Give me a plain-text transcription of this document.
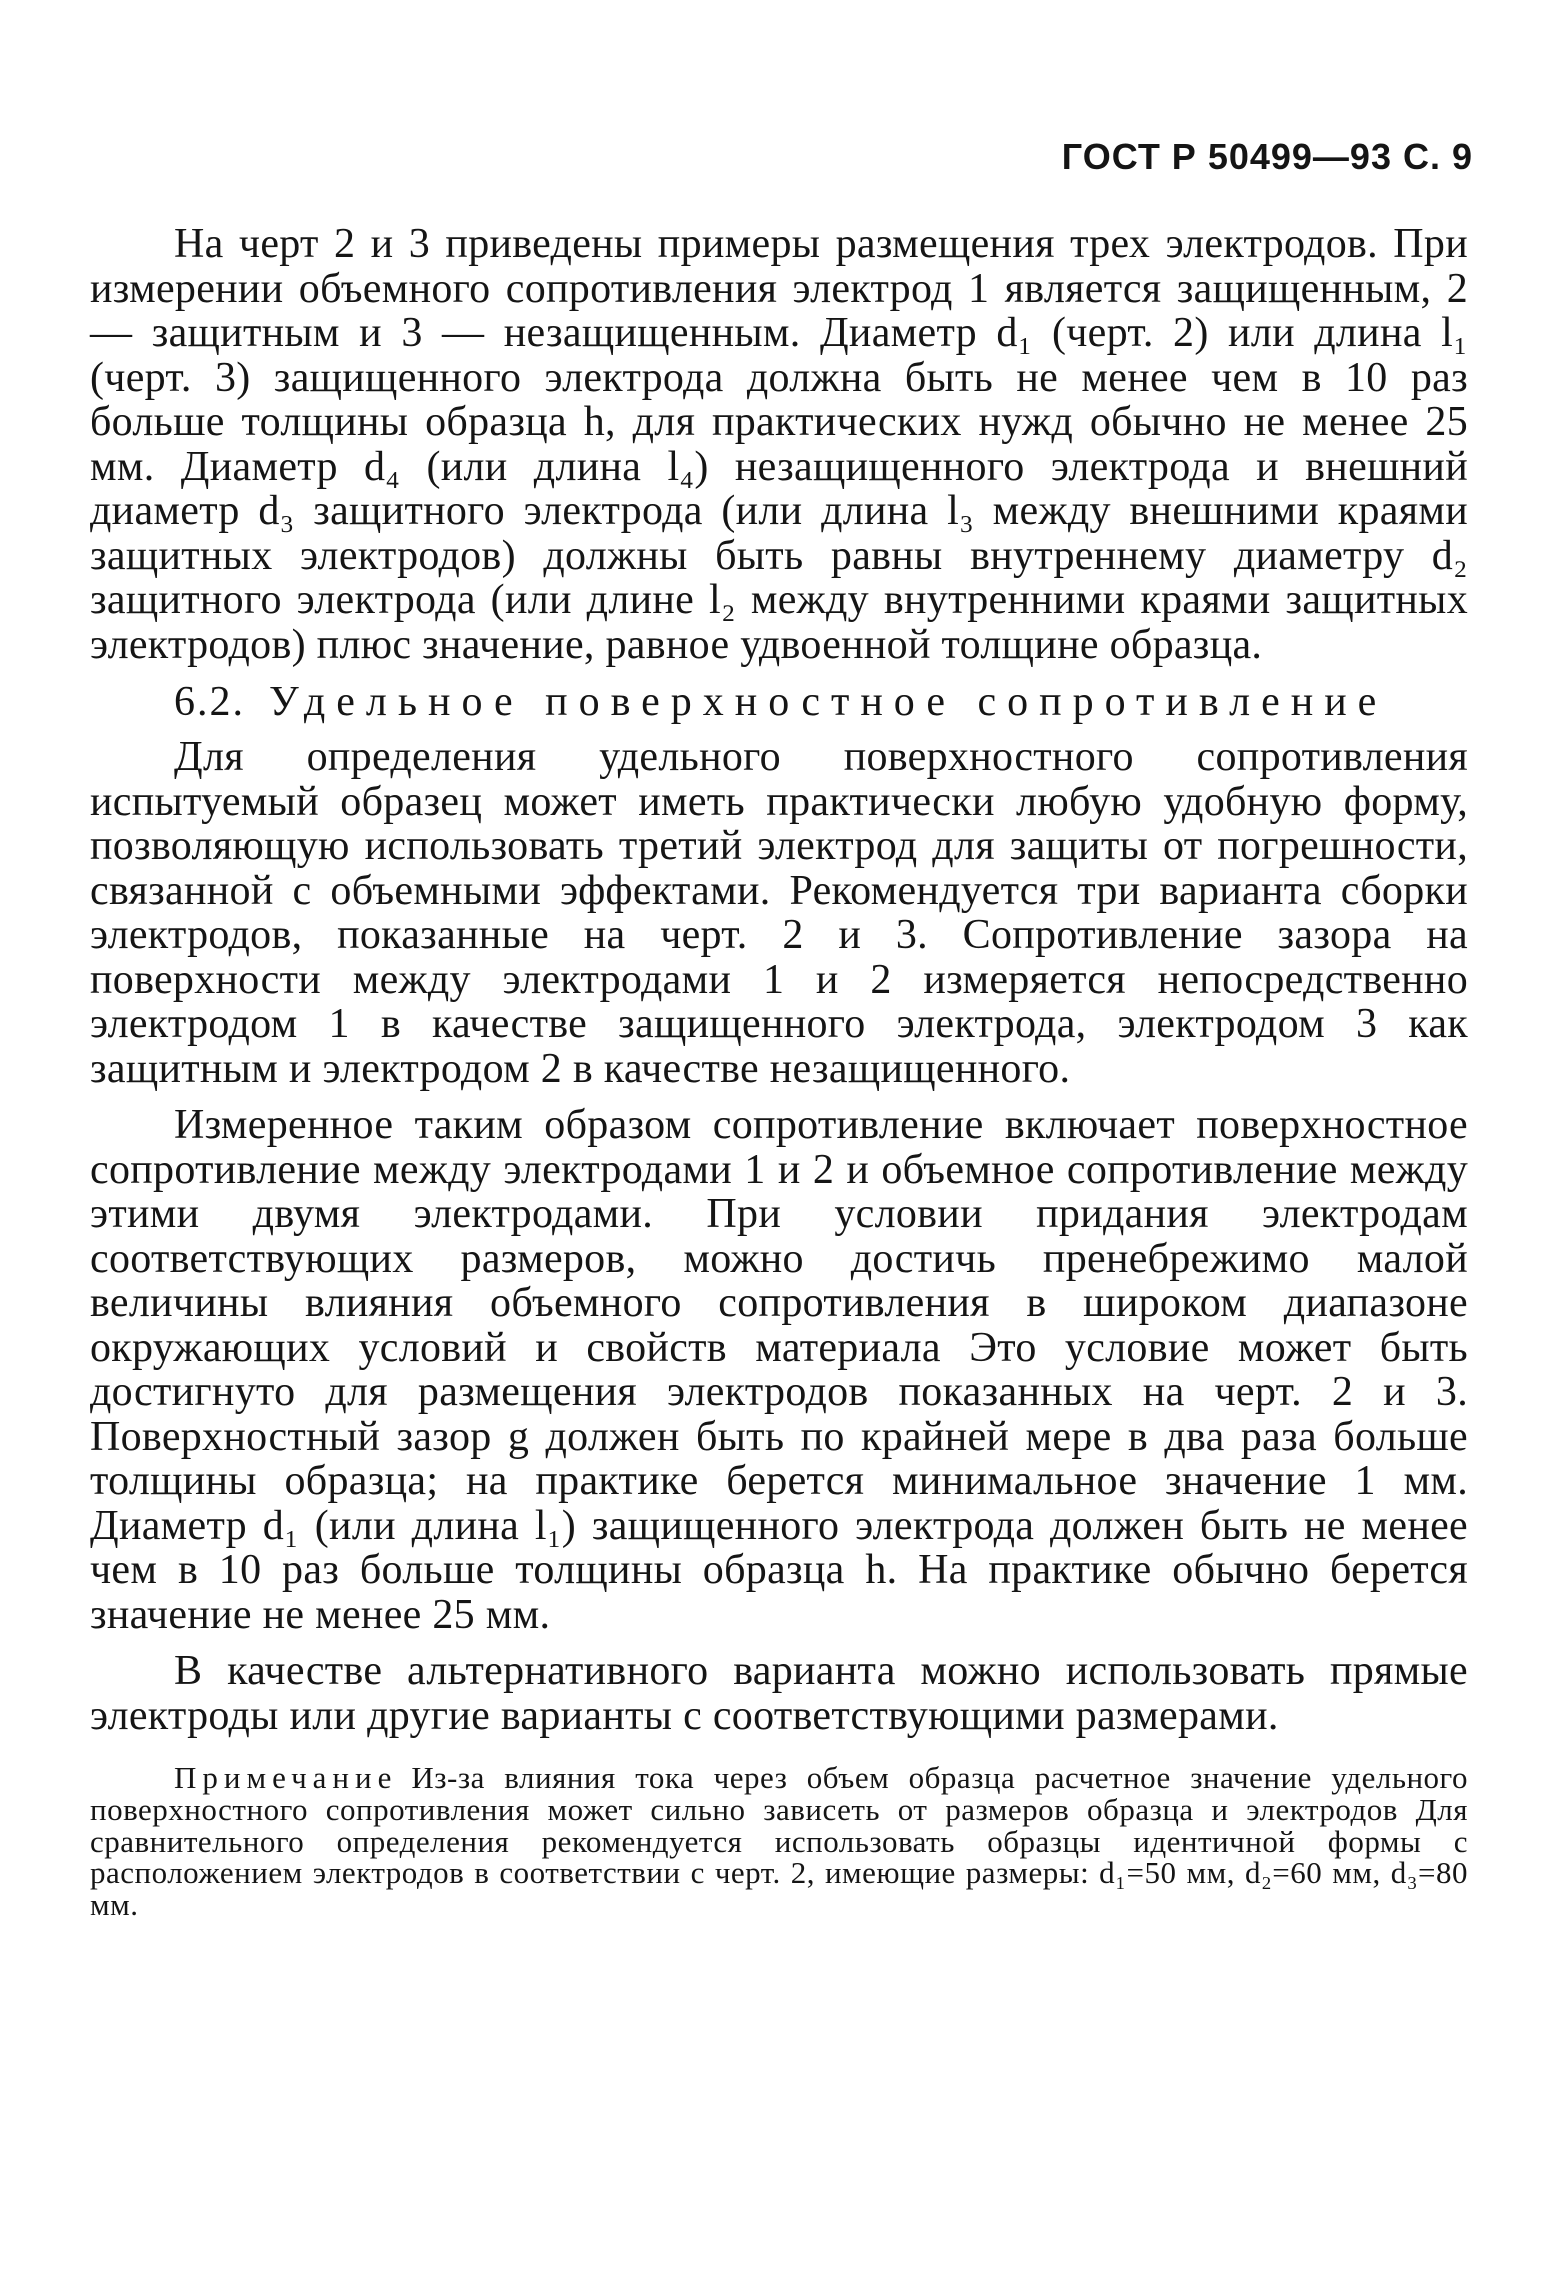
ГОСТ Р 50499—93 С. 9

На черт 2 и 3 приведены примеры размещения трех электродов. При измерении объемного сопротивления электрод 1 является защищенным, 2 — защитным и 3 — незащищенным. Диаметр d₁ (черт. 2) или длина l₁ (черт. 3) защищенного электрода должна быть не менее чем в 10 раз больше толщины образца h, для практических нужд обычно не менее 25 мм. Диаметр d₄ (или длина l₄) незащищенного электрода и внешний диаметр d₃ защитного электрода (или длина l₃ между внешними краями защитных электродов) должны быть равны внутреннему диаметру d₂ защитного электрода (или длине l₂ между внутренними краями защитных электродов) плюс значение, равное удвоенной толщине образца.

6.2. Удельное поверхностное сопротивление

Для определения удельного поверхностного сопротивления испытуемый образец может иметь практически любую удобную форму, позволяющую использовать третий электрод для защиты от погрешности, связанной с объемными эффектами. Рекомендуется три варианта сборки электродов, показанные на черт. 2 и 3. Сопротивление зазора на поверхности между электродами 1 и 2 измеряется непосредственно электродом 1 в качестве защищенного электрода, электродом 3 как защитным и электродом 2 в качестве незащищенного.

Измеренное таким образом сопротивление включает поверхностное сопротивление между электродами 1 и 2 и объемное сопротивление между этими двумя электродами. При условии придания электродам соответствующих размеров, можно достичь пренебрежимо малой величины влияния объемного сопротивления в широком диапазоне окружающих условий и свойств материала Это условие может быть достигнуто для размещения электродов показанных на черт. 2 и 3. Поверхностный зазор g должен быть по крайней мере в два раза больше толщины образца; на практике берется минимальное значение 1 мм. Диаметр d₁ (или длина l₁) защищенного электрода должен быть не менее чем в 10 раз больше толщины образца h. На практике обычно берется значение не менее 25 мм.

В качестве альтернативного варианта можно использовать прямые электроды или другие варианты с соответствующими размерами.

Примечание Из-за влияния тока через объем образца расчетное значение удельного поверхностного сопротивления может сильно зависеть от размеров образца и электродов Для сравнительного определения рекомендуется использовать образцы идентичной формы с расположением электродов в соответствии с черт. 2, имеющие размеры: d₁=50 мм, d₂=60 мм, d₃=80 мм.
